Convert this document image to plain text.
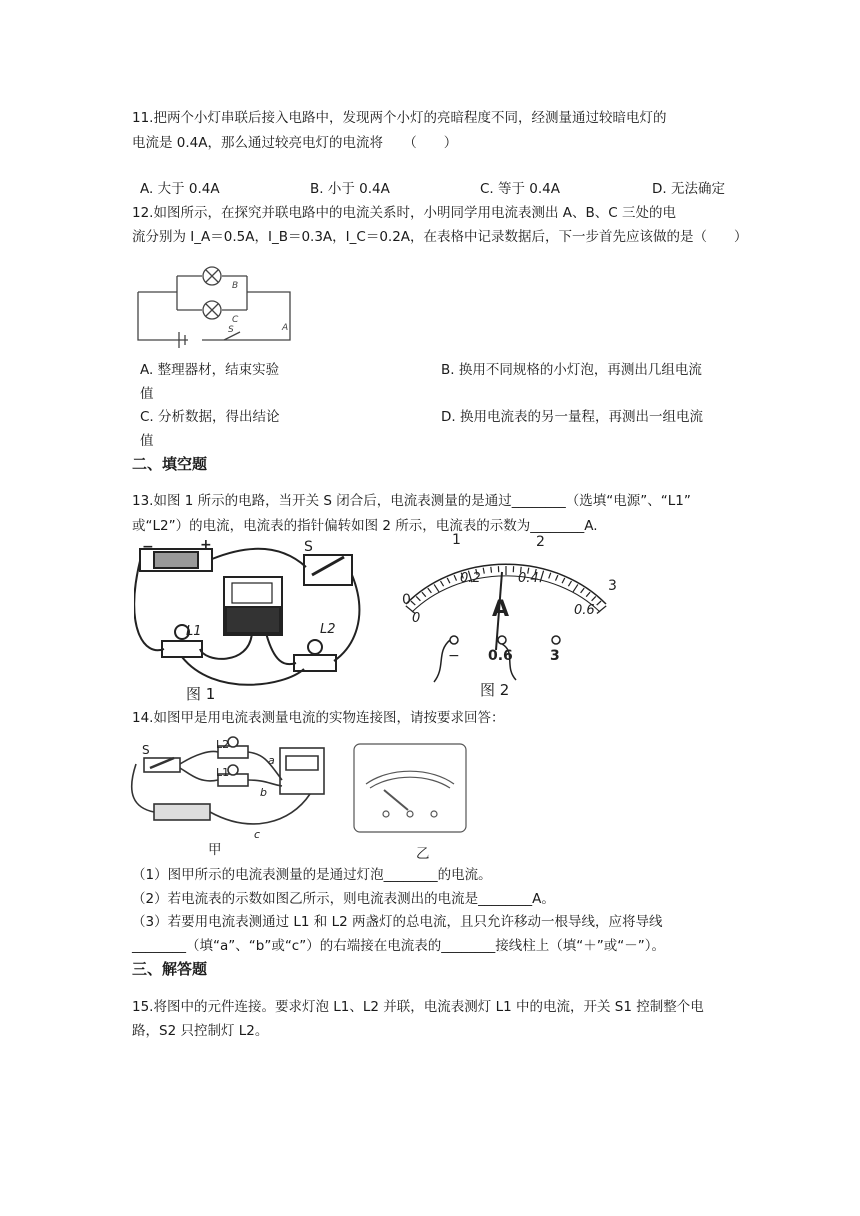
11.把两个小灯串联后接入电路中，发现两个小灯的亮暗程度不同，经测量通过较暗电灯的
电流是 0.4A，那么通过较亮电灯的电流将　　（　　）
A. 大于 0.4A	B. 小于 0.4A	C. 等于 0.4A	D. 无法确定
12.如图所示，在探究并联电路中的电流关系时，小明同学用电流表测出 A、B、C 三处的电
流分别为 I_A＝0.5A，I_B＝0.3A，I_C＝0.2A，在表格中记录数据后，下一步首先应该做的是（　　）
B
C
S	A
A. 整理器材，结束实验	B. 换用不同规格的小灯泡，再测出几组电流
值
C. 分析数据，得出结论	D. 换用电流表的另一量程，再测出一组电流
值
二、填空题
13.如图 1 所示的电路，当开关 S 闭合后，电流表测量的是通过________（选填“电源”、“L1”
或“L2”）的电流，电流表的指针偏转如图 2 所示，电流表的示数为________A.
−	+	S
L1	L2
图 1
0
1	2
3
0
0.2	0.4
0.6
A
− 0.6	3
图 2
14.如图甲是用电流表测量电流的实物连接图，请按要求回答：
L2
L1
S
a
b
c
甲	乙
（1）图甲所示的电流表测量的是通过灯泡________的电流。
（2）若电流表的示数如图乙所示，则电流表测出的电流是________A。
（3）若要用电流表测通过 L1 和 L2 两盏灯的总电流，且只允许移动一根导线，应将导线
________（填“a”、“b”或“c”）的右端接在电流表的________接线柱上（填“＋”或“－”）。
三、解答题
15.将图中的元件连接。要求灯泡 L1、L2 并联，电流表测灯 L1 中的电流，开关 S1 控制整个电
路，S2 只控制灯 L2。
